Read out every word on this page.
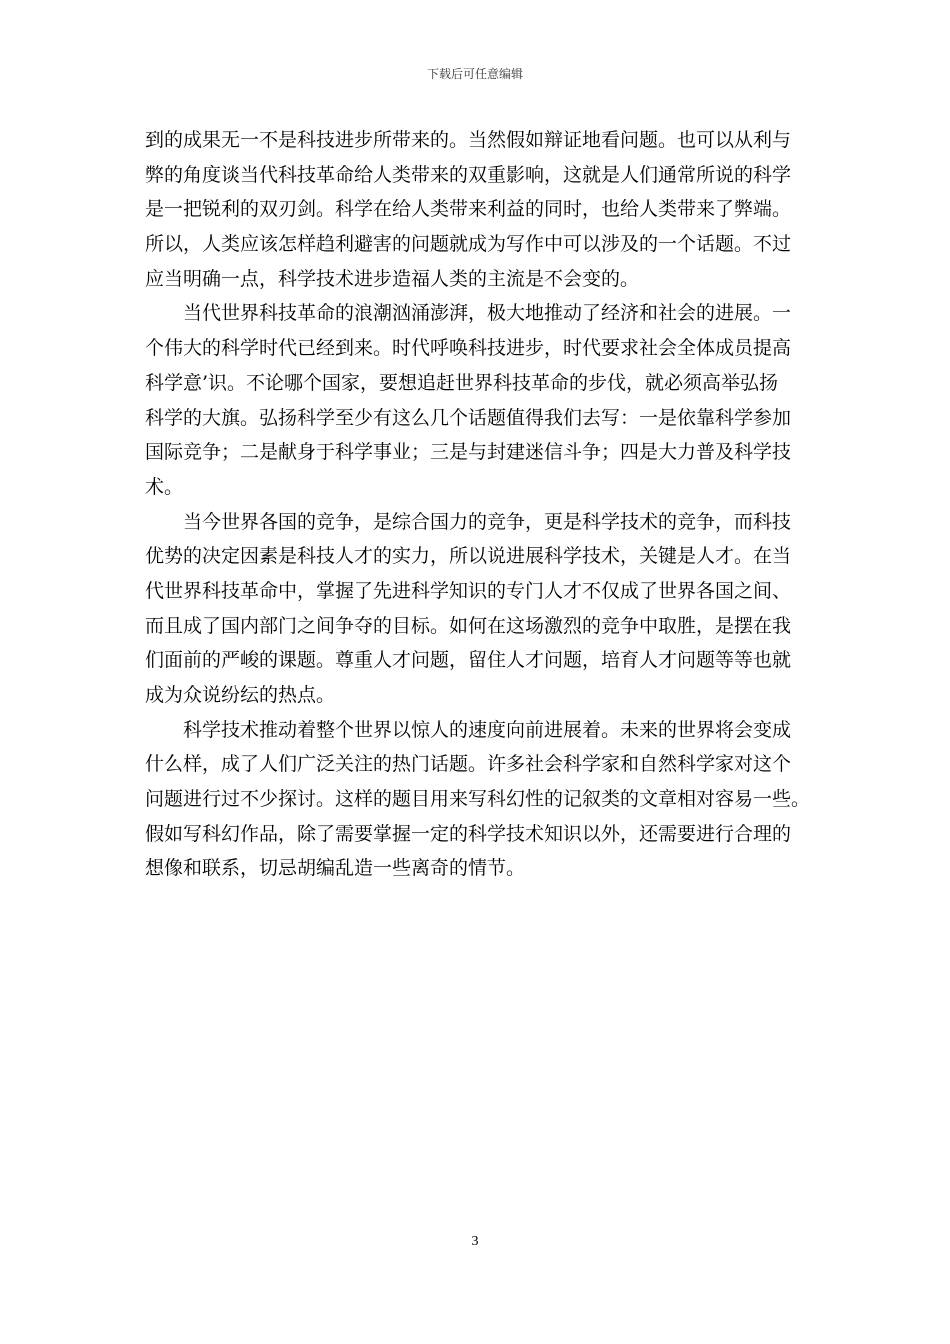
下载后可任意编辑
到的成果无一不是科技进步所带来的。当然假如辩证地看问题。也可以从利与
弊的角度谈当代科技革命给人类带来的双重影响，这就是人们通常所说的科学
是一把锐利的双刃剑。科学在给人类带来利益的同时，也给人类带来了弊端。
所以，人类应该怎样趋利避害的问题就成为写作中可以涉及的一个话题。不过
应当明确一点，科学技术进步造福人类的主流是不会变的。
当代世界科技革命的浪潮汹涌澎湃，极大地推动了经济和社会的进展。一
个伟大的科学时代已经到来。时代呼唤科技进步，时代要求社会全体成员提高
科学意’识。不论哪个国家，要想追赶世界科技革命的步伐，就必须高举弘扬
科学的大旗。弘扬科学至少有这么几个话题值得我们去写：一是依靠科学参加
国际竞争；二是献身于科学事业；三是与封建迷信斗争；四是大力普及科学技
术。
当今世界各国的竞争，是综合国力的竞争，更是科学技术的竞争，而科技
优势的决定因素是科技人才的实力，所以说进展科学技术，关键是人才。在当
代世界科技革命中，掌握了先进科学知识的专门人才不仅成了世界各国之间、
而且成了国内部门之间争夺的目标。如何在这场激烈的竞争中取胜，是摆在我
们面前的严峻的课题。尊重人才问题，留住人才问题，培育人才问题等等也就
成为众说纷纭的热点。
科学技术推动着整个世界以惊人的速度向前进展着。未来的世界将会变成
什么样，成了人们广泛关注的热门话题。许多社会科学家和自然科学家对这个
问题进行过不少探讨。这样的题目用来写科幻性的记叙类的文章相对容易一些。
假如写科幻作品，除了需要掌握一定的科学技术知识以外，还需要进行合理的
想像和联系，切忌胡编乱造一些离奇的情节。
3
